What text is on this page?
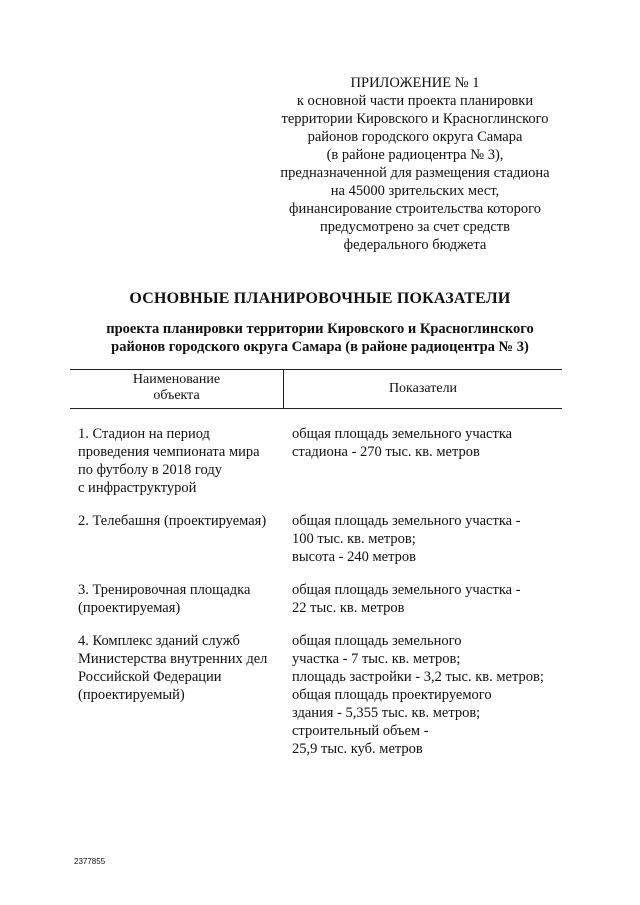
ПРИЛОЖЕНИЕ № 1
к основной части проекта планировки
территории Кировского и Красноглинского
районов городского округа Самара
(в районе радиоцентра № 3),
предназначенной для размещения стадиона
на 45000 зрительских мест,
финансирование строительства которого
предусмотрено за счет средств
федерального бюджета
ОСНОВНЫЕ ПЛАНИРОВОЧНЫЕ ПОКАЗАТЕЛИ
проекта планировки территории Кировского и Красноглинского
районов городского округа Самара (в районе радиоцентра № 3)
Наименование
объекта	Показатели
1. Стадион на период
проведения чемпионата мира
по футболу в 2018 году
с инфраструктурой
общая площадь земельного участка
стадиона - 270 тыс. кв. метров
2. Телебашня (проектируемая)	общая площадь земельного участка -
100 тыс. кв. метров;
высота - 240 метров
3. Тренировочная площадка
(проектируемая)
общая площадь земельного участка -
22 тыс. кв. метров
4. Комплекс зданий служб
Министерства внутренних дел
Российской Федерации
(проектируемый)
общая площадь земельного
участка - 7 тыс. кв. метров;
площадь застройки - 3,2 тыс. кв. метров;
общая площадь проектируемого
здания - 5,355 тыс. кв. метров;
строительный объем -
25,9 тыс. куб. метров
2377855
